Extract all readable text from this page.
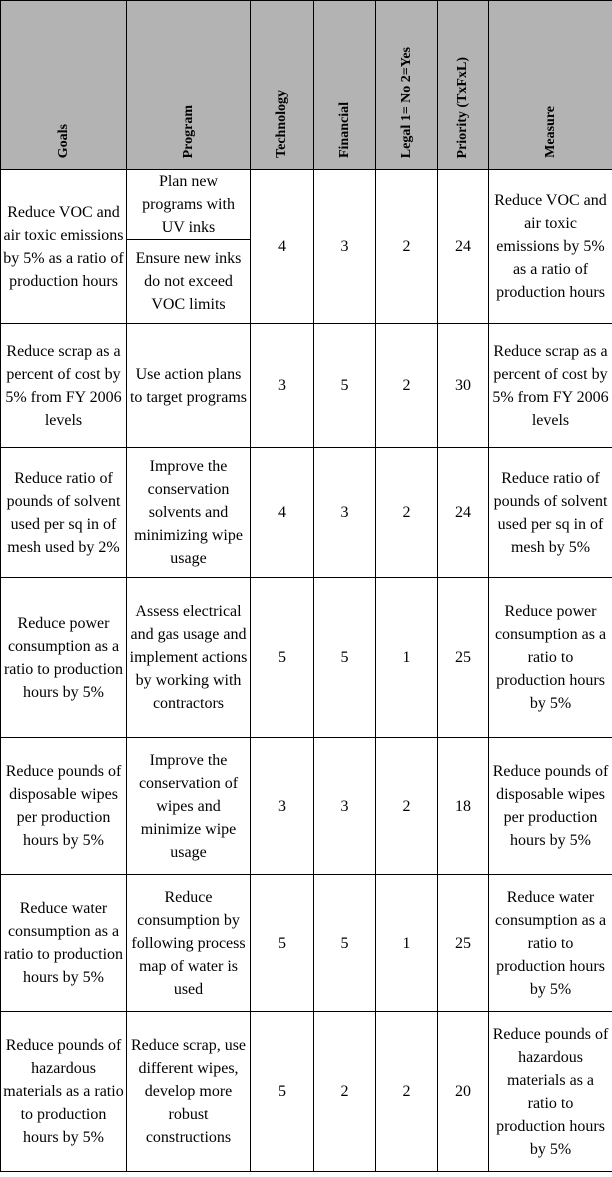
Goals	Program	Technology	Financial	Legal 1= No 2=Yes	Priority (TxFxL)	Measure
Reduce VOC and air toxic emissions by 5% as a ratio of production hours	Plan new programs with UV inks	4	3	2	24	Reduce VOC and air toxic emissions by 5% as a ratio of production hours
	Ensure new inks do not exceed VOC limits					
Reduce scrap as a percent of cost by 5% from FY 2006 levels	Use action plans to target programs	3	5	2	30	Reduce scrap as a percent of cost by 5% from FY 2006 levels
Reduce ratio of pounds of solvent used per sq in of mesh used by 2%	Improve the conservation solvents and minimizing wipe usage	4	3	2	24	Reduce ratio of pounds of solvent used per sq in of mesh by 5%
Reduce power consumption as a ratio to production hours by 5%	Assess electrical and gas usage and implement actions by working with contractors	5	5	1	25	Reduce power consumption as a ratio to production hours by 5%
Reduce pounds of disposable wipes per production hours by 5%	Improve the conservation of wipes and minimize wipe usage	3	3	2	18	Reduce pounds of disposable wipes per production hours by 5%
Reduce water consumption as a ratio to production hours by 5%	Reduce consumption by following process map of water is used	5	5	1	25	Reduce water consumption as a ratio to production hours by 5%
Reduce pounds of hazardous materials as a ratio to production hours by 5%	Reduce scrap, use different wipes, develop more robust constructions	5	2	2	20	Reduce pounds of hazardous materials as a ratio to production hours by 5%
